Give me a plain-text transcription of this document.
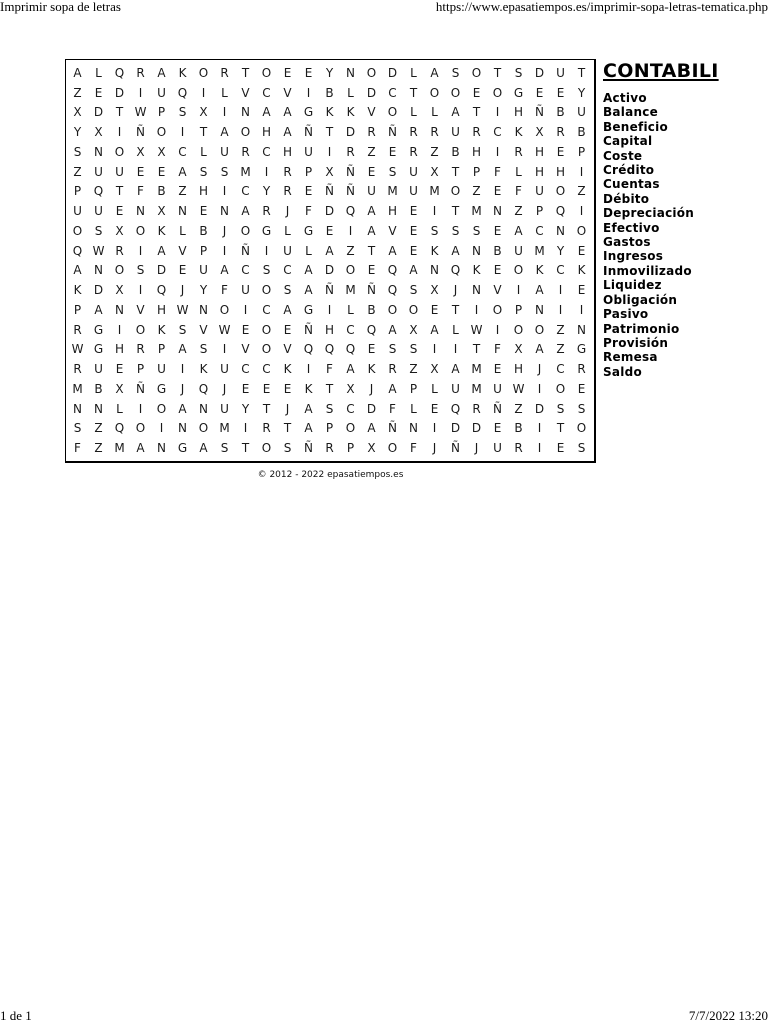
Imprimir sopa de letras	https://www.epasatiempos.es/imprimir-sopa-letras-tematica.php
A	L	Q	R	A	K	O	R	T	O	E	E	Y	N O D	L	A	S	O	T	S	D U	T
Z	E	D	I	U Q	I	L	V	C	V	I	B	L	D	C	T	O O	E	O G	E	E	Y
X	D	T W P	S	X	I	N	A	A	G	K	K	V	O	L	L	A	T	I	H Ñ	B	U
Y	X	I	Ñ O	I	T	A	O H	A	Ñ	T	D	R	Ñ	R	R	U	R	C	K	X	R	B
S	N O	X	X	C	L	U	R	C	H	U	I	R	Z	E	R	Z	B	H	I	R	H	E	P
Z	U	U	E	E	A	S	S	M	I	R	P	X	Ñ	E	S	U	X	T	P	F	L	H H	I
P	Q	T	F	B	Z	H	I	C	Y	R	E	Ñ	Ñ	U M U M O	Z	E	F	U O	Z
U	U	E	N	X	N	E	N	A	R	J	F	D Q	A	H	E	I	T	M N	Z	P	Q	I
O	S	X	O	K	L	B	J	O G	L	G	E	I	A	V	E	S	S	S	E	A	C	N O
Q W R	I	A	V	P	I	Ñ	I	U	L	A	Z	T	A	E	K	A	N	B	U M	Y	E
A	N O	S	D	E	U	A	C	S	C	A	D O	E	Q	A	N Q	K	E	O	K	C	K
K	D	X	I	Q	J	Y	F	U O	S	A	Ñ M Ñ Q	S	X	J	N	V	I	A	I	E
P	A	N	V	H W N O	I	C	A	G	I	L	B	O O	E	T	I	O	P	N	I	I
R	G	I	O	K	S	V W E	O	E	Ñ	H	C	Q	A	X	A	L W	I	O O	Z	N
W G H	R	P	A	S	I	V	O	V	Q Q Q	E	S	S	I	I	T	F	X	A	Z	G
R	U	E	P	U	I	K	U	C	C	K	I	F	A	K	R	Z	X	A M	E	H	J	C	R
M B	X	Ñ G	J	Q	J	E	E	E	K	T	X	J	A	P	L	U M U W	I	O	E
N	N	L	I	O	A	N	U	Y	T	J	A	S	C	D	F	L	E	Q	R	Ñ	Z	D	S	S
S	Z	Q O	I	N O M	I	R	T	A	P	O	A	Ñ	N	I	D D	E	B	I	T	O
F	Z M A	N G	A	S	T	O	S	Ñ	R	P	X	O	F	J	Ñ	J	U	R	I	E	S
© 2012 - 2022 epasatiempos.es
CONTABILI
Activo
Balance
Beneficio
Capital
Coste
Crédito
Cuentas
Débito
Depreciación
Efectivo
Gastos
Ingresos
Inmovilizado
Liquidez
Obligación
Pasivo
Patrimonio
Provisión
Remesa
Saldo
1 de 1	7/7/2022 13:20
